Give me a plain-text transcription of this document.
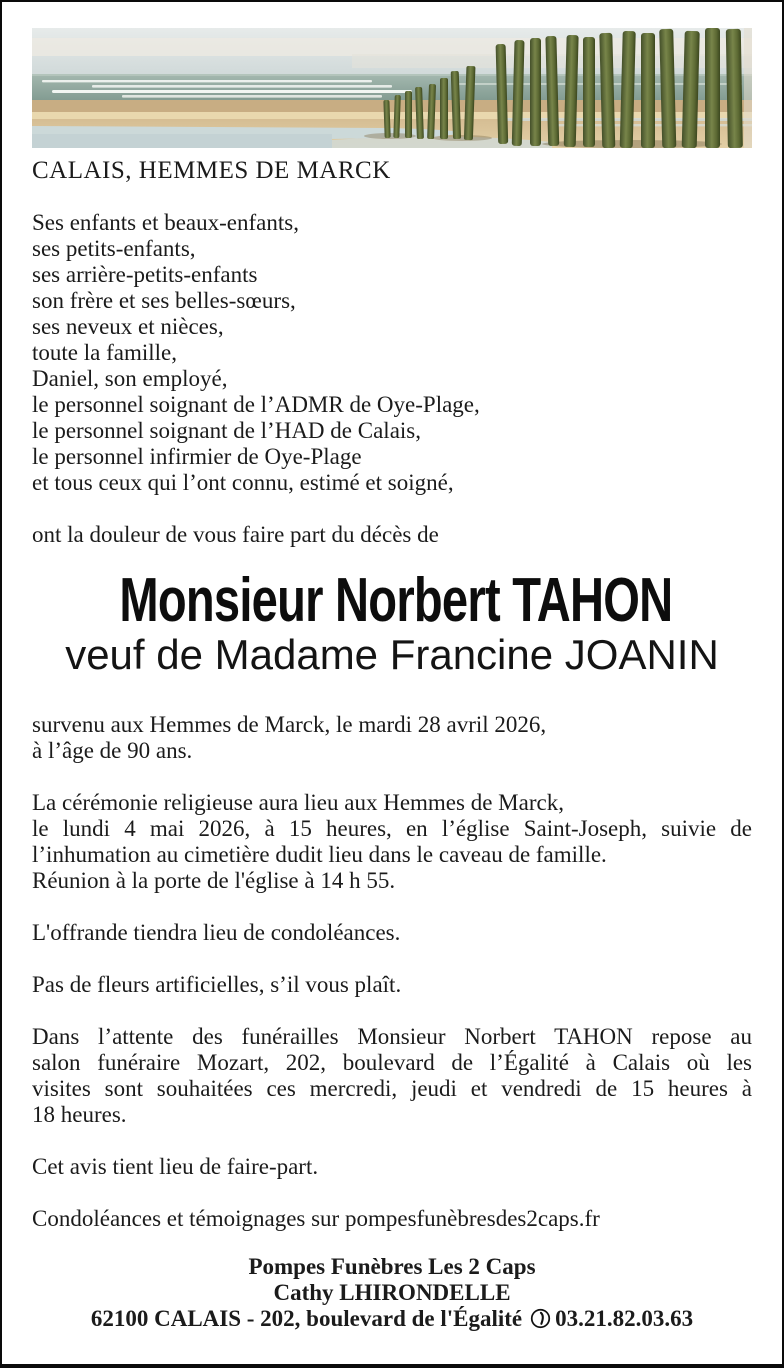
CALAIS, HEMMES DE MARCK
Ses enfants et beaux-enfants,
ses petits-enfants,
ses arrière-petits-enfants
son frère et ses belles-sœurs,
ses neveux et nièces,
toute la famille,
Daniel, son employé,
le personnel soignant de l’ADMR de Oye-Plage,
le personnel soignant de l’HAD de Calais,
le personnel infirmier de Oye-Plage
et tous ceux qui l’ont connu, estimé et soigné,
ont la douleur de vous faire part du décès de
Monsieur Norbert TAHON
veuf de Madame Francine JOANIN
survenu aux Hemmes de Marck, le mardi 28 avril 2026,
à l’âge de 90 ans.
La cérémonie religieuse aura lieu aux Hemmes de Marck,
le lundi 4 mai 2026, à 15 heures, en l’église Saint-Joseph, suivie de
l’inhumation au cimetière dudit lieu dans le caveau de famille.
Réunion à la porte de l'église à 14 h 55.
L'offrande tiendra lieu de condoléances.
Pas de fleurs artificielles, s’il vous plaît.
Dans l’attente des funérailles Monsieur Norbert TAHON repose au
salon funéraire Mozart, 202, boulevard de l’Égalité à Calais où les
visites sont souhaitées ces mercredi, jeudi et vendredi de 15 heures à
18 heures.
Cet avis tient lieu de faire-part.
Condoléances et témoignages sur pompesfunèbresdes2caps.fr
Pompes Funèbres Les 2 Caps
Cathy LHIRONDELLE
62100 CALAIS - 202, boulevard de l'Égalité 03.21.82.03.63
